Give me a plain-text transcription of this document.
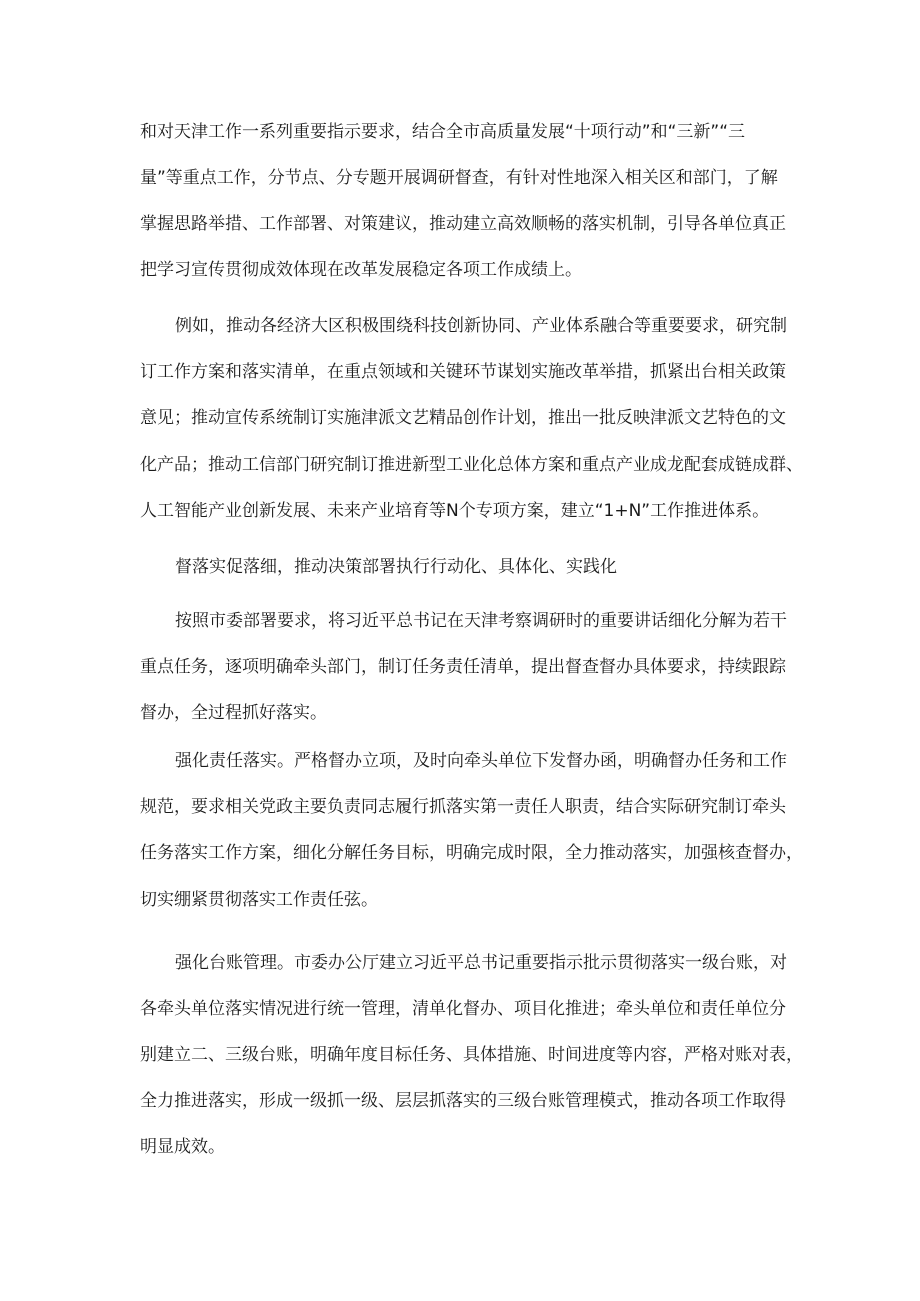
和对天津工作一系列重要指示要求，结合全市高质量发展“十项行动”和“三新”“三

量”等重点工作，分节点、分专题开展调研督查，有针对性地深入相关区和部门，了解

掌握思路举措、工作部署、对策建议，推动建立高效顺畅的落实机制，引导各单位真正

把学习宣传贯彻成效体现在改革发展稳定各项工作成绩上。

例如，推动各经济大区积极围绕科技创新协同、产业体系融合等重要要求，研究制

订工作方案和落实清单，在重点领域和关键环节谋划实施改革举措，抓紧出台相关政策

意见；推动宣传系统制订实施津派文艺精品创作计划，推出一批反映津派文艺特色的文

化产品；推动工信部门研究制订推进新型工业化总体方案和重点产业成龙配套成链成群、

人工智能产业创新发展、未来产业培育等N个专项方案，建立“1+N”工作推进体系。

督落实促落细，推动决策部署执行行动化、具体化、实践化

按照市委部署要求，将习近平总书记在天津考察调研时的重要讲话细化分解为若干

重点任务，逐项明确牵头部门，制订任务责任清单，提出督查督办具体要求，持续跟踪

督办，全过程抓好落实。

强化责任落实。严格督办立项，及时向牵头单位下发督办函，明确督办任务和工作

规范，要求相关党政主要负责同志履行抓落实第一责任人职责，结合实际研究制订牵头

任务落实工作方案，细化分解任务目标，明确完成时限，全力推动落实，加强核查督办，

切实绷紧贯彻落实工作责任弦。

强化台账管理。市委办公厅建立习近平总书记重要指示批示贯彻落实一级台账，对

各牵头单位落实情况进行统一管理，清单化督办、项目化推进；牵头单位和责任单位分

别建立二、三级台账，明确年度目标任务、具体措施、时间进度等内容，严格对账对表，

全力推进落实，形成一级抓一级、层层抓落实的三级台账管理模式，推动各项工作取得

明显成效。
